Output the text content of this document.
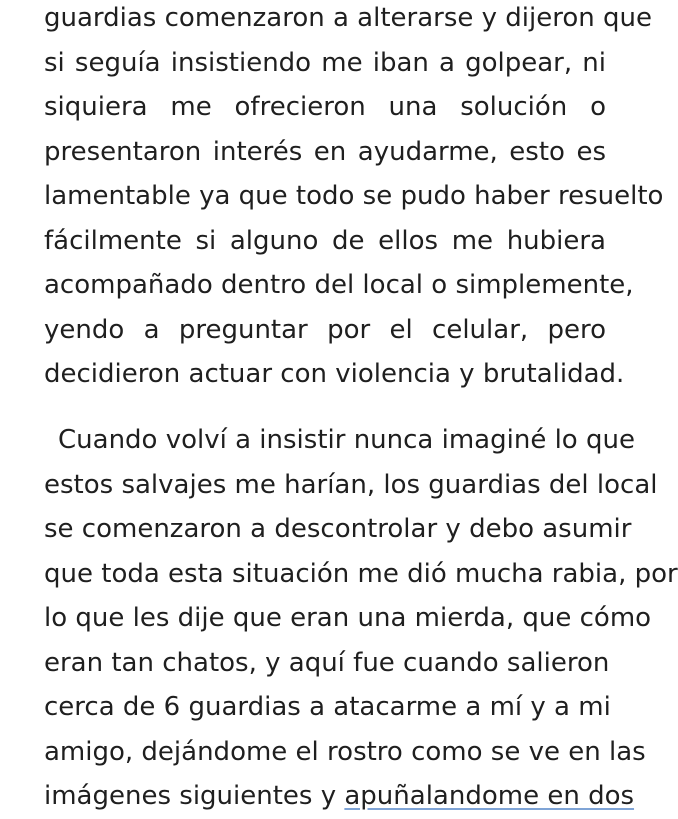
guardias comenzaron a alterarse y dijeron que
si seguía insistiendo me iban a golpear, ni
siquiera me ofrecieron una solución o
presentaron interés en ayudarme, esto es
lamentable ya que todo se pudo haber resuelto
fácilmente si alguno de ellos me hubiera
acompañado dentro del local o simplemente,
yendo a preguntar por el celular, pero
decidieron actuar con violencia y brutalidad.
Cuando volví a insistir nunca imaginé lo que
estos salvajes me harían, los guardias del local
se comenzaron a descontrolar y debo asumir
que toda esta situación me dió mucha rabia, por
lo que les dije que eran una mierda, que cómo
eran tan chatos, y aquí fue cuando salieron
cerca de 6 guardias a atacarme a mí y a mi
amigo, dejándome el rostro como se ve en las
imágenes siguientes y apuñalandome en dos
